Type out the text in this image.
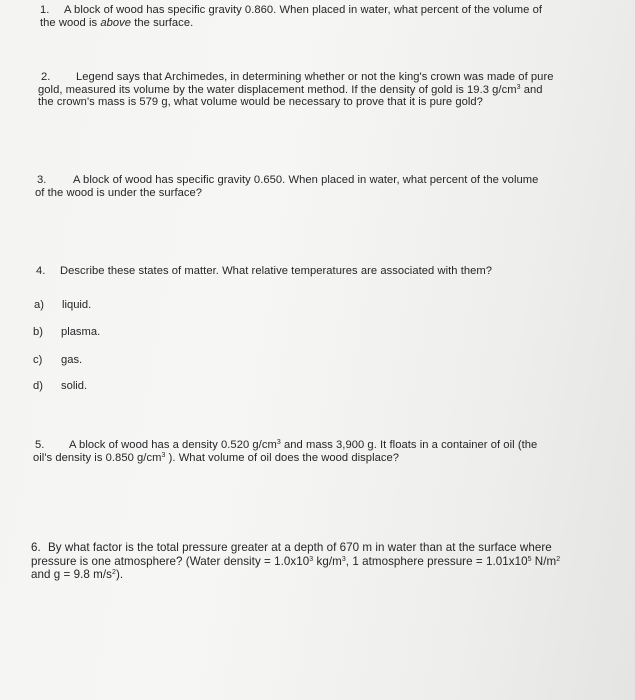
1. A block of wood has specific gravity 0.860. When placed in water, what percent of the volume of
the wood is above the surface.
2. Legend says that Archimedes, in determining whether or not the king's crown was made of pure
gold, measured its volume by the water displacement method. If the density of gold is 19.3 $g/cm^3$ and
the crown's mass is 579 g, what volume would be necessary to prove that it is pure gold?
3. A block of wood has specific gravity 0.650. When placed in water, what percent of the volume
of the wood is under the surface?
4. Describe these states of matter. What relative temperatures are associated with them?
a) liquid.
b) plasma.
c) gas.
d) solid.
5. A block of wood has a density 0.520 $g/cm^3$ and mass 3,900 g. It floats in a container of oil (the
oil's density is 0.850 $g/cm^3$ ). What volume of oil does the wood displace?
6. By what factor is the total pressure greater at a depth of 670 m in water than at the surface where
pressure is one atmosphere? (Water density = $1.0x10^3$ $kg/m^3$, 1 atmosphere pressure = $1.01x10^5$ $N/m^2$
and g = 9.8 $m/s^2$).
